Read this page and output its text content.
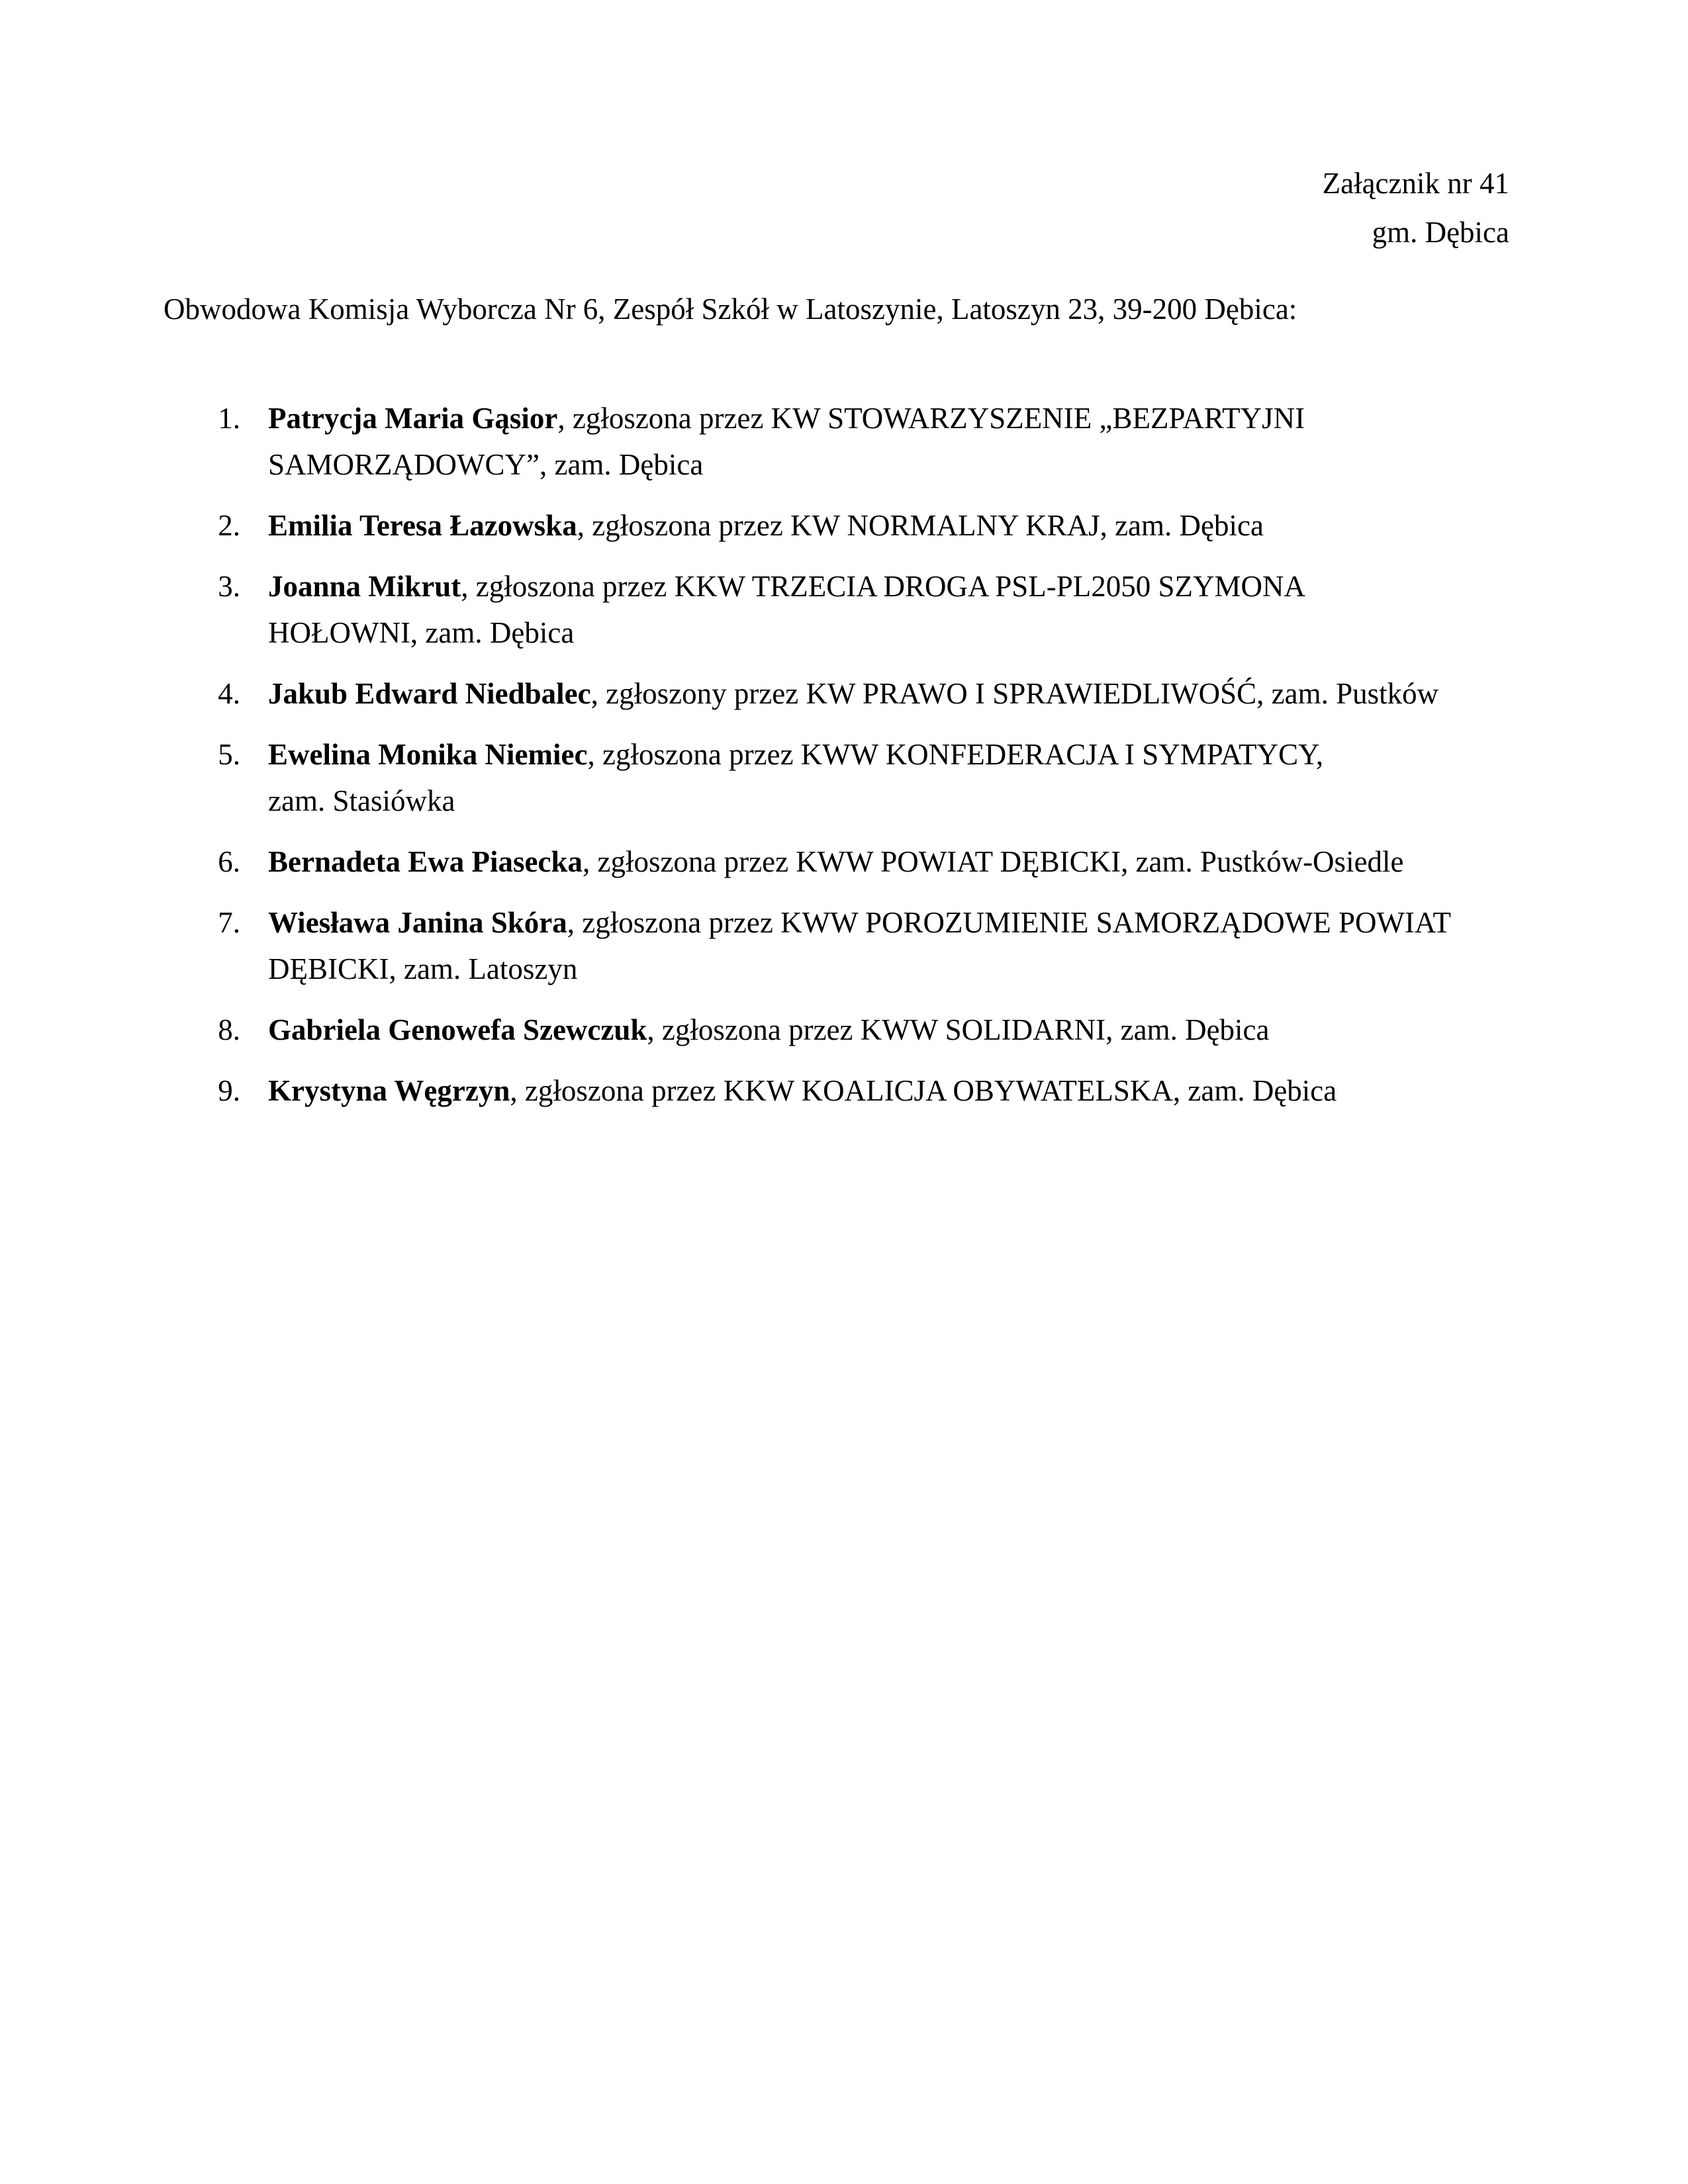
Załącznik nr 41
gm. Dębica
Obwodowa Komisja Wyborcza Nr 6, Zespół Szkół w Latoszynie, Latoszyn 23, 39-200 Dębica:
1. Patrycja Maria Gąsior, zgłoszona przez KW STOWARZYSZENIE „BEZPARTYJNI
SAMORZĄDOWCY”, zam. Dębica
2. Emilia Teresa Łazowska, zgłoszona przez KW NORMALNY KRAJ, zam. Dębica
3. Joanna Mikrut, zgłoszona przez KKW TRZECIA DROGA PSL-PL2050 SZYMONA
HOŁOWNI, zam. Dębica
4. Jakub Edward Niedbalec, zgłoszony przez KW PRAWO I SPRAWIEDLIWOŚĆ, zam. Pustków
5. Ewelina Monika Niemiec, zgłoszona przez KWW KONFEDERACJA I SYMPATYCY,
zam. Stasiówka
6. Bernadeta Ewa Piasecka, zgłoszona przez KWW POWIAT DĘBICKI, zam. Pustków-Osiedle
7. Wiesława Janina Skóra, zgłoszona przez KWW POROZUMIENIE SAMORZĄDOWE POWIAT
DĘBICKI, zam. Latoszyn
8. Gabriela Genowefa Szewczuk, zgłoszona przez KWW SOLIDARNI, zam. Dębica
9. Krystyna Węgrzyn, zgłoszona przez KKW KOALICJA OBYWATELSKA, zam. Dębica
